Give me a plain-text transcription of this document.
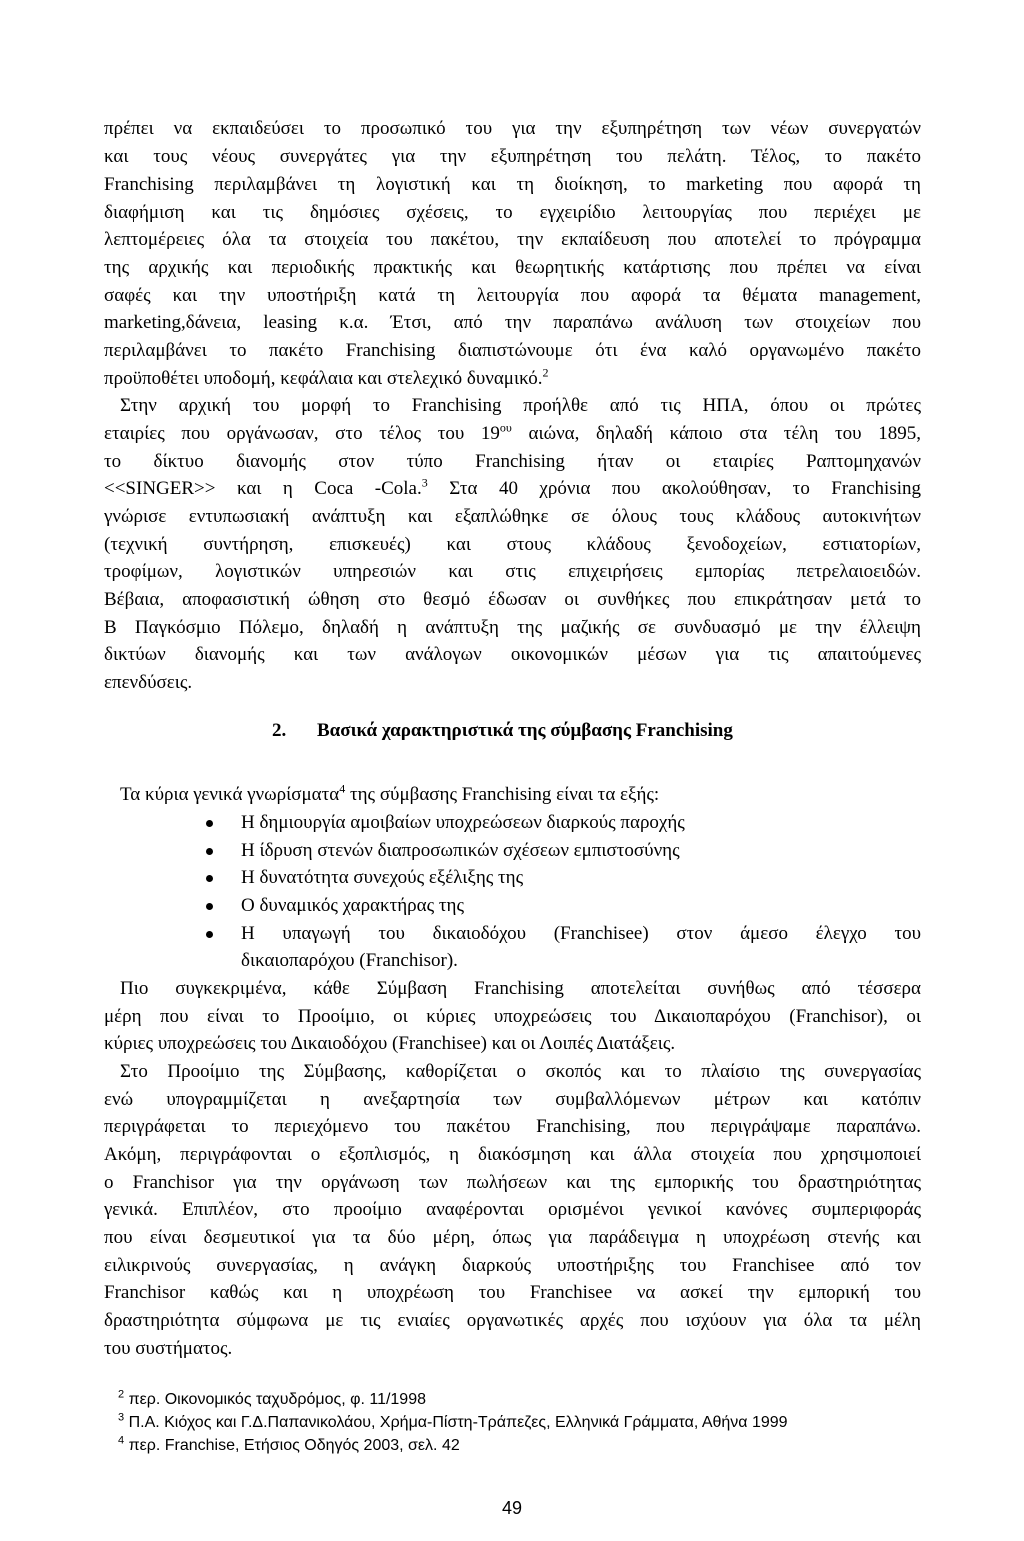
πρέπει να εκπαιδεύσει το προσωπικό του για την εξυπηρέτηση των νέων συνεργατών
και τους νέους συνεργάτες για την εξυπηρέτηση του πελάτη. Τέλος, το πακέτο
Franchising περιλαμβάνει τη λογιστική και τη διοίκηση, το marketing που αφορά τη
διαφήμιση και τις δημόσιες σχέσεις, το εγχειρίδιο λειτουργίας που περιέχει με
λεπτομέρειες όλα τα στοιχεία του πακέτου, την εκπαίδευση που αποτελεί το πρόγραμμα
της αρχικής και περιοδικής πρακτικής και θεωρητικής κατάρτισης που πρέπει να είναι
σαφές και την υποστήριξη κατά τη λειτουργία που αφορά τα θέματα management,
marketing,δάνεια, leasing κ.α. Έτσι, από την παραπάνω ανάλυση των στοιχείων που
περιλαμβάνει το πακέτο Franchising διαπιστώνουμε ότι ένα καλό οργανωμένο πακέτο
προϋποθέτει υποδομή, κεφάλαια και στελεχικό δυναμικό.$^2$
Στην αρχική του μορφή το Franchising προήλθε από τις ΗΠΑ, όπου οι πρώτες
εταιρίες που οργάνωσαν, στο τέλος του $19^{o\upsilon}$ αιώνα, δηλαδή κάποιο στα τέλη του 1895,
το δίκτυο διανομής στον τύπο Franchising ήταν οι εταιρίες Ραπτομηχανών
<<SINGER>> και η Coca -Cola.$^3$ Στα 40 χρόνια που ακολούθησαν, το Franchising
γνώρισε εντυπωσιακή ανάπτυξη και εξαπλώθηκε σε όλους τους κλάδους αυτοκινήτων
(τεχνική συντήρηση, επισκευές) και στους κλάδους ξενοδοχείων, εστιατορίων,
τροφίμων, λογιστικών υπηρεσιών και στις επιχειρήσεις εμπορίας πετρελαιοειδών.
Βέβαια, αποφασιστική ώθηση στο θεσμό έδωσαν οι συνθήκες που επικράτησαν μετά το
Β Παγκόσμιο Πόλεμο, δηλαδή η ανάπτυξη της μαζικής σε συνδυασμό με την έλλειψη
δικτύων διανομής και των ανάλογων οικονομικών μέσων για τις απαιτούμενες
επενδύσεις.
2. Βασικά χαρακτηριστικά της σύμβασης Franchising
Τα κύρια γενικά γνωρίσματα$^4$ της σύμβασης Franchising είναι τα εξής:
Η δημιουργία αμοιβαίων υποχρεώσεων διαρκούς παροχής
Η ίδρυση στενών διαπροσωπικών σχέσεων εμπιστοσύνης
Η δυνατότητα συνεχούς εξέλιξης της
Ο δυναμικός χαρακτήρας της
Η υπαγωγή του δικαιοδόχου (Franchisee) στον άμεσο έλεγχο του
δικαιοπαρόχου (Franchisor).
Πιο συγκεκριμένα, κάθε Σύμβαση Franchising αποτελείται συνήθως από τέσσερα
μέρη που είναι το Προοίμιο, οι κύριες υποχρεώσεις του Δικαιοπαρόχου (Franchisor), οι
κύριες υποχρεώσεις του Δικαιοδόχου (Franchisee) και οι Λοιπές Διατάξεις.
Στο Προοίμιο της Σύμβασης, καθορίζεται ο σκοπός και το πλαίσιο της συνεργασίας
ενώ υπογραμμίζεται η ανεξαρτησία των συμβαλλόμενων μέτρων και κατόπιν
περιγράφεται το περιεχόμενο του πακέτου Franchising, που περιγράψαμε παραπάνω.
Ακόμη, περιγράφονται ο εξοπλισμός, η διακόσμηση και άλλα στοιχεία που χρησιμοποιεί
ο Franchisor για την οργάνωση των πωλήσεων και της εμπορικής του δραστηριότητας
γενικά. Επιπλέον, στο προοίμιο αναφέρονται ορισμένοι γενικοί κανόνες συμπεριφοράς
που είναι δεσμευτικοί για τα δύο μέρη, όπως για παράδειγμα η υποχρέωση στενής και
ειλικρινούς συνεργασίας, η ανάγκη διαρκούς υποστήριξης του Franchisee από τον
Franchisor καθώς και η υποχρέωση του Franchisee να ασκεί την εμπορική του
δραστηριότητα σύμφωνα με τις ενιαίες οργανωτικές αρχές που ισχύουν για όλα τα μέλη
του συστήματος.
$^2$ περ. Οικονομικός ταχυδρόμος, φ. 11/1998
$^3$ Π.Α. Κιόχος και Γ.Δ.Παπανικολάου, Χρήμα-Πίστη-Τράπεζες, Ελληνικά Γράμματα, Αθήνα 1999
$^4$ περ. Franchise, Ετήσιος Οδηγός 2003, σελ. 42
49
